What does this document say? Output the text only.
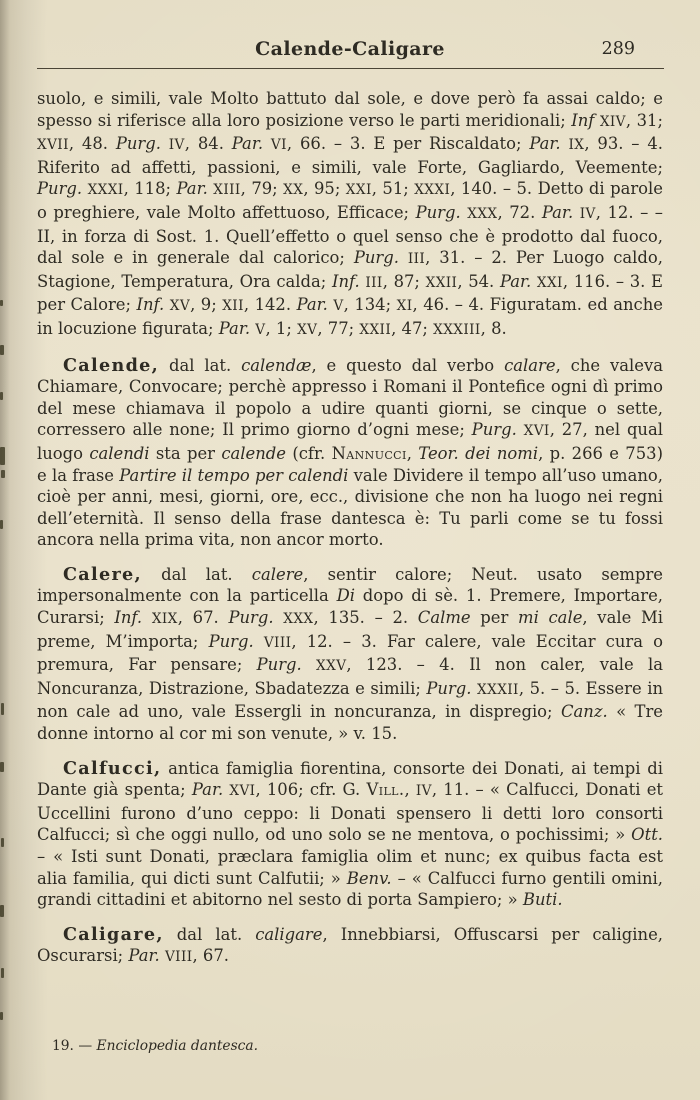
Calende-Caligare	289

suolo, e simili, vale Molto battuto dal sole, e dove però fa assai caldo; e spesso si riferisce alla loro posizione verso le parti meridionali; Inf XIV, 31; XVII, 48. Purg. IV, 84. Par. VI, 66. – 3. E per Riscaldato; Par. IX, 93. – 4. Riferito ad affetti, passioni, e simili, vale Forte, Gagliardo, Veemente; Purg. XXXI, 118; Par. XIII, 79; XX, 95; XXI, 51; XXXI, 140. – 5. Detto di parole o preghiere, vale Molto affettuoso, Efficace; Purg. XXX, 72. Par. IV, 12. – – II, in forza di Sost. 1. Quell’effetto o quel senso che è prodotto dal fuoco, dal sole e in generale dal calorico; Purg. III, 31. – 2. Per Luogo caldo, Stagione, Temperatura, Ora calda; Inf. III, 87; XXII, 54. Par. XXI, 116. – 3. E per Calore; Inf. XV, 9; XII, 142. Par. V, 134; XI, 46. – 4. Figuratam. ed anche in locuzione figurata; Par. V, 1; XV, 77; XXII, 47; XXXIII, 8.

Calende, dal lat. calendæ, e questo dal verbo calare, che valeva Chiamare, Convocare; perchè appresso i Romani il Pontefice ogni dì primo del mese chiamava il popolo a udire quanti giorni, se cinque o sette, corressero alle none; Il primo giorno d’ogni mese; Purg. XVI, 27, nel qual luogo calendi sta per calende (cfr. Nannucci, Teor. dei nomi, p. 266 e 753) e la frase Partire il tempo per calendi vale Dividere il tempo all’uso umano, cioè per anni, mesi, giorni, ore, ecc., divisione che non ha luogo nei regni dell’eternità. Il senso della frase dantesca è: Tu parli come se tu fossi ancora nella prima vita, non ancor morto.

Calere, dal lat. calere, sentir calore; Neut. usato sempre impersonalmente con la particella Di dopo di sè. 1. Premere, Importare, Curarsi; Inf. XIX, 67. Purg. XXX, 135. – 2. Calme per mi cale, vale Mi preme, M’importa; Purg. VIII, 12. – 3. Far calere, vale Eccitar cura o premura, Far pensare; Purg. XXV, 123. – 4. Il non caler, vale la Noncuranza, Distrazione, Sbadatezza e simili; Purg. XXXII, 5. – 5. Essere in non cale ad uno, vale Essergli in noncuranza, in dispregio; Canz. « Tre donne intorno al cor mi son venute, » v. 15.

Calfucci, antica famiglia fiorentina, consorte dei Donati, ai tempi di Dante già spenta; Par. XVI, 106; cfr. G. Vill., IV, 11. – « Calfucci, Donati et Uccellini furono d’uno ceppo: li Donati spensero li detti loro consorti Calfucci; sì che oggi nullo, od uno solo se ne mentova, o pochissimi; » Ott. – « Isti sunt Donati, præclara famiglia olim et nunc; ex quibus facta est alia familia, qui dicti sunt Calfutii; » Benv. – « Calfucci furno gentili omini, grandi cittadini et abitorno nel sesto di porta Sampiero; » Buti.

Caligare, dal lat. caligare, Innebbiarsi, Offuscarsi per caligine, Oscurarsi; Par. VIII, 67.

19. — Enciclopedia dantesca.
